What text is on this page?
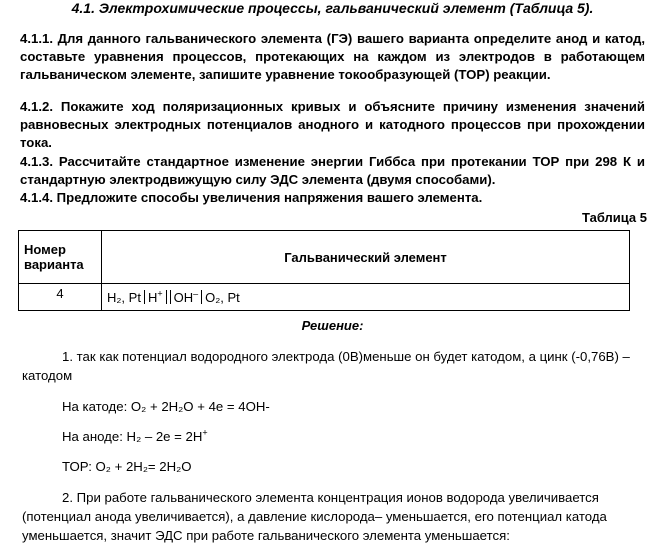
4.1. Электрохимические процессы, гальванический элемент (Таблица 5).

4.1.1. Для данного гальванического элемента (ГЭ) вашего варианта определите анод и катод, составьте уравнения процессов, протекающих на каждом из электродов в работающем гальваническом элементе, запишите уравнение токообразующей (ТОР) реакции.

4.1.2. Покажите ход поляризационных кривых и объясните причину изменения значений равновесных электродных потенциалов анодного и катодного процессов при прохождении тока.

4.1.3. Рассчитайте стандартное изменение энергии Гиббса при протекании ТОР при 298 К и стандартную электродвижущую силу ЭДС элемента (двумя способами).

4.1.4. Предложите способы увеличения напряжения вашего элемента.

Таблица 5
Номер варианта	Гальванический элемент
4	H₂, Pt H+ OH– O₂, Pt
Решение:

1. так как потенциал водородного электрода (0В)меньше он будет катодом, а цинк (-0,76В) – катодом

На катоде: O₂ + 2H₂O + 4e = 4OH-

На аноде: H₂ – 2e = 2H+

ТОР: O₂ + 2H₂= 2H₂O

2. При работе гальванического элемента концентрация ионов водорода увеличивается (потенциал анода увеличивается), а давление кислорода– уменьшается, его потенциал катода уменьшается, значит ЭДС при работе гальванического элемента уменьшается:
